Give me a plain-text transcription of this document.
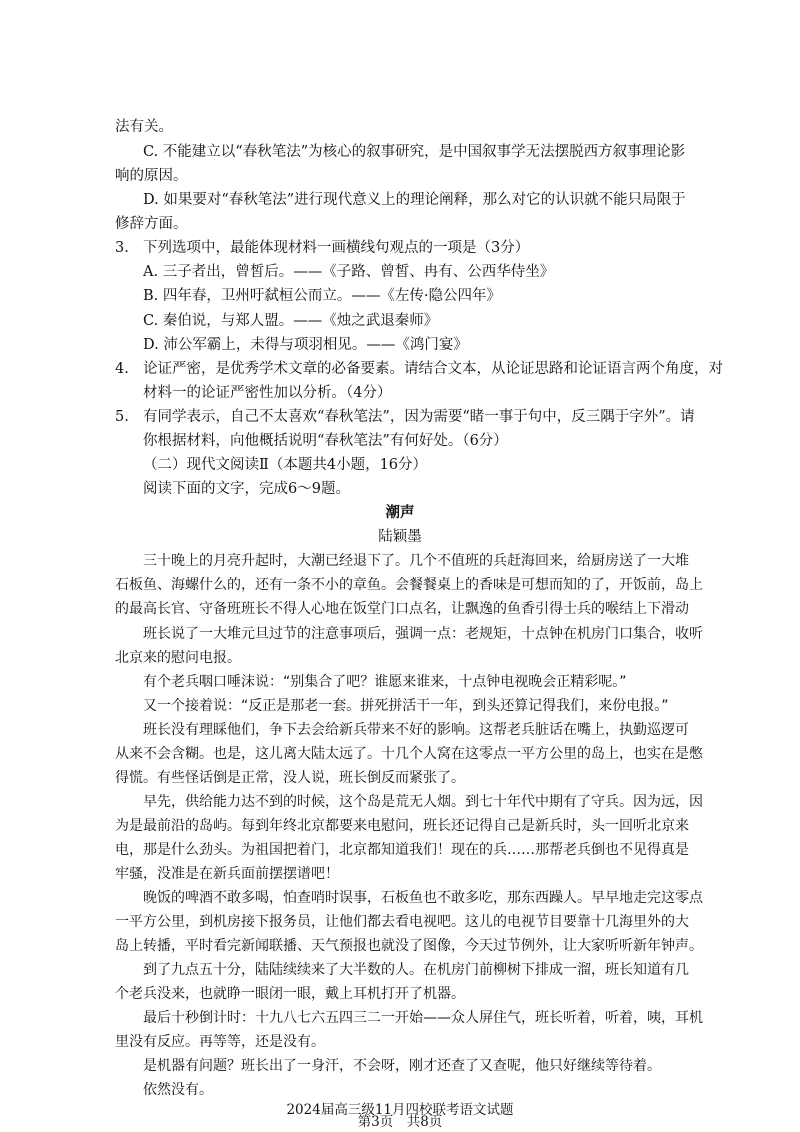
法有关。
C. 不能建立以“春秋笔法”为核心的叙事研究，是中国叙事学无法摆脱西方叙事理论影
响的原因。
D. 如果要对“春秋笔法”进行现代意义上的理论阐释，那么对它的认识就不能只局限于
修辞方面。
3. 下列选项中，最能体现材料一画横线句观点的一项是（3分）
A. 三子者出，曾皙后。——《子路、曾皙、冉有、公西华侍坐》
B. 四年春，卫州吁弑桓公而立。——《左传·隐公四年》
C. 秦伯说，与郑人盟。——《烛之武退秦师》
D. 沛公军霸上，未得与项羽相见。——《鸿门宴》
4. 论证严密，是优秀学术文章的必备要素。请结合文本，从论证思路和论证语言两个角度，对
材料一的论证严密性加以分析。（4分）
5. 有同学表示，自己不太喜欢“春秋笔法”，因为需要“睹一事于句中，反三隅于字外”。请
你根据材料，向他概括说明“春秋笔法”有何好处。（6分）
（二）现代文阅读Ⅱ（本题共4小题，16分）
阅读下面的文字，完成6～9题。
潮声
陆颖墨
三十晚上的月亮升起时，大潮已经退下了。几个不值班的兵赶海回来，给厨房送了一大堆
石板鱼、海螺什么的，还有一条不小的章鱼。会餐餐桌上的香味是可想而知的了，开饭前，岛上
的最高长官、守备班班长不得人心地在饭堂门口点名，让飘逸的鱼香引得士兵的喉结上下滑动
班长说了一大堆元旦过节的注意事项后，强调一点：老规矩，十点钟在机房门口集合，收听
北京来的慰问电报。
有个老兵咽口唾沫说：“别集合了吧？谁愿来谁来，十点钟电视晚会正精彩呢。”
又一个接着说：“反正是那老一套。拼死拼活干一年，到头还算记得我们，来份电报。”
班长没有理睬他们，争下去会给新兵带来不好的影响。这帮老兵脏话在嘴上，执勤巡逻可
从来不会含糊。也是，这儿离大陆太远了。十几个人窝在这零点一平方公里的岛上，也实在是憋
得慌。有些怪话倒是正常，没人说，班长倒反而紧张了。
早先，供给能力达不到的时候，这个岛是荒无人烟。到七十年代中期有了守兵。因为远，因
为是最前沿的岛屿。每到年终北京都要来电慰问，班长还记得自己是新兵时，头一回听北京来
电，那是什么劲头。为祖国把着门，北京都知道我们！现在的兵……那帮老兵倒也不见得真是
牢骚，没准是在新兵面前摆摆谱吧！
晚饭的啤酒不敢多喝，怕查哨时误事，石板鱼也不敢多吃，那东西躁人。早早地走完这零点
一平方公里，到机房接下报务员，让他们都去看电视吧。这儿的电视节目要靠十几海里外的大
岛上转播，平时看完新闻联播、天气预报也就没了图像，今天过节例外，让大家听听新年钟声。
到了九点五十分，陆陆续续来了大半数的人。在机房门前柳树下排成一溜，班长知道有几
个老兵没来，也就睁一眼闭一眼，戴上耳机打开了机器。
最后十秒倒计时：十九八七六五四三二一开始——众人屏住气，班长听着，听着，咦，耳机
里没有反应。再等等，还是没有。
是机器有问题？班长出了一身汗，不会呀，刚才还查了又查呢，他只好继续等待着。
依然没有。
2024届高三级11月四校联考语文试题
第3页　共8页
